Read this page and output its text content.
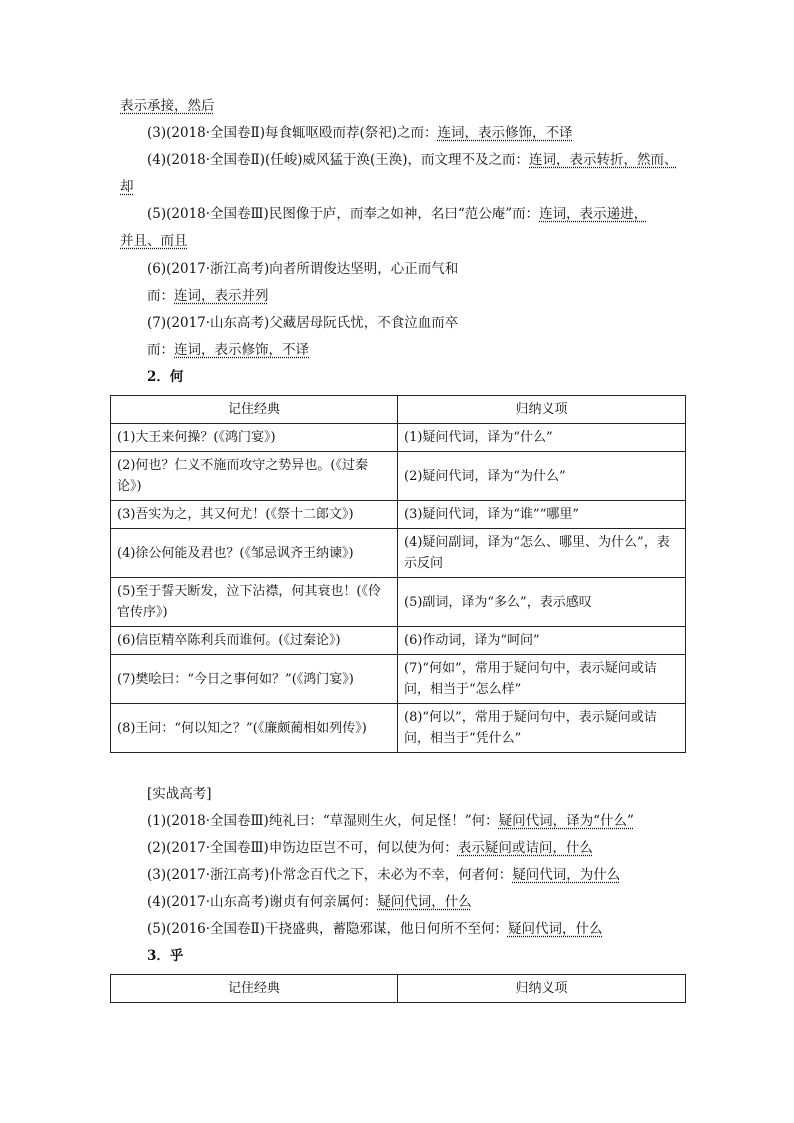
表示承接，然后
(3)(2018·全国卷Ⅱ)每食辄呕殴而荐(祭祀)之而：连词，表示修饰，不译
(4)(2018·全国卷Ⅱ)(任峻)威风猛于涣(王涣)，而文理不及之而：连词，表示转折，然而、
却
(5)(2018·全国卷Ⅲ)民图像于庐，而奉之如神，名曰“范公庵”而：连词，表示递进，
并且、而且
(6)(2017·浙江高考)向者所谓俊达坚明，心正而气和
而：连词，表示并列
(7)(2017·山东高考)父藏居母阮氏忧，不食泣血而卒
而：连词，表示修饰，不译
2．何
记住经典	归纳义项
(1)大王来何操？(《鸿门宴》)	(1)疑问代词，译为“什么”
(2)何也？仁义不施而攻守之势异也。(《过秦论》)	(2)疑问代词，译为“为什么”
(3)吾实为之，其又何尤！(《祭十二郎文》)	(3)疑问代词，译为“谁”“哪里”
(4)徐公何能及君也？(《邹忌讽齐王纳谏》)	(4)疑问副词，译为“怎么、哪里、为什么”，表示反问
(5)至于誓天断发，泣下沾襟，何其衰也！(《伶官传序》)	(5)副词，译为“多么”，表示感叹
(6)信臣精卒陈利兵而谁何。(《过秦论》)	(6)作动词，译为“呵问”
(7)樊哙曰：“今日之事何如？”(《鸿门宴》)	(7)“何如”，常用于疑问句中，表示疑问或诘问，相当于“怎么样”
(8)王问：“何以知之？”(《廉颇蔺相如列传》)	(8)“何以”，常用于疑问句中，表示疑问或诘问，相当于“凭什么”
[实战高考]
(1)(2018·全国卷Ⅲ)纯礼曰：“草湿则生火，何足怪！”何：疑问代词，译为“什么”
(2)(2017·全国卷Ⅲ)申饬边臣岂不可，何以使为何：表示疑问或诘问，什么
(3)(2017·浙江高考)仆常念百代之下，未必为不幸，何者何：疑问代词，为什么
(4)(2017·山东高考)谢贞有何亲属何：疑问代词，什么
(5)(2016·全国卷Ⅱ)干挠盛典，蓄隐邪谋，他日何所不至何：疑问代词，什么
3．乎
记住经典	归纳义项
